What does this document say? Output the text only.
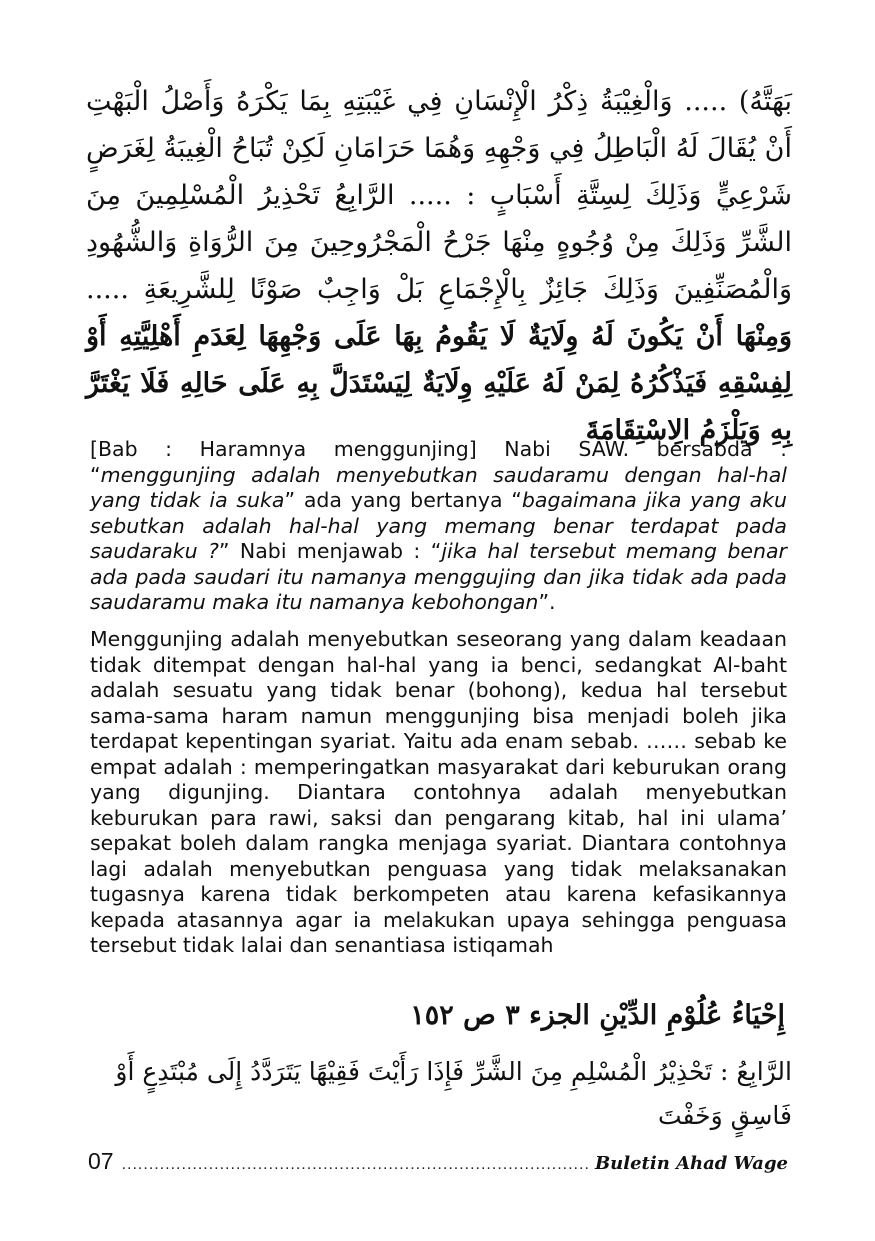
بَهَتَّهُ) ..... وَالْغِيْبَةُ ذِكْرُ الْإِنْسَانِ فِي غَيْبَتِهِ بِمَا يَكْرَهُ وَأَصْلُ الْبَهْتِ أَنْ يُقَالَ لَهُ الْبَاطِلُ فِي وَجْهِهِ وَهُمَا حَرَامَانِ لَكِنْ تُبَاحُ الْغِيبَةُ لِغَرَضٍ شَرْعِيٍّ وَذَلِكَ لِسِتَّةِ أَسْبَابٍ : ..... الرَّابِعُ تَحْذِيرُ الْمُسْلِمِينَ مِنَ الشَّرِّ وَذَلِكَ مِنْ وُجُوهٍ مِنْهَا جَرْحُ الْمَجْرُوحِينَ مِنَ الرُّوَاةِ وَالشُّهُودِ وَالْمُصَنِّفِينَ وَذَلِكَ جَائِزٌ بِالْإِجْمَاعِ بَلْ وَاجِبٌ صَوْنًا لِلشَّرِيعَةِ ..... وَمِنْهَا أَنْ يَكُونَ لَهُ وِلَايَةٌ لَا يَقُومُ بِهَا عَلَى وَجْهِهَا لِعَدَمِ أَهْلِيَّتِهِ أَوْ لِفِسْقِهِ فَيَذْكُرُهُ لِمَنْ لَهُ عَلَيْهِ وِلَايَةٌ لِيَسْتَدَلَّ بِهِ عَلَى حَالِهِ فَلَا يَغْتَرَّ بِهِ وَيَلْزَمُ الِاسْتِقَامَةَ
[Bab : Haramnya menggunjing] Nabi SAW. bersabda : “menggunjing adalah menyebutkan saudaramu dengan hal-hal yang tidak ia suka” ada yang bertanya “bagaimana jika yang aku sebutkan adalah hal-hal yang memang benar terdapat pada saudaraku ?” Nabi menjawab : “jika hal tersebut memang benar ada pada saudari itu namanya menggujing dan jika tidak ada pada saudaramu maka itu namanya kebohongan”.
Menggunjing adalah menyebutkan seseorang yang dalam keadaan tidak ditempat dengan hal-hal yang ia benci, sedangkat Al-baht adalah sesuatu yang tidak benar (bohong), kedua hal tersebut sama-sama haram namun menggunjing bisa menjadi boleh jika terdapat kepentingan syariat. Yaitu ada enam sebab. …… sebab ke empat adalah : memperingatkan masyarakat dari keburukan orang yang digunjing. Diantara contohnya adalah menyebutkan keburukan para rawi, saksi dan pengarang kitab, hal ini ulama’ sepakat boleh dalam rangka menjaga syariat. Diantara contohnya lagi adalah menyebutkan penguasa yang tidak melaksanakan tugasnya karena tidak berkompeten atau karena kefasikannya kepada atasannya agar ia melakukan upaya sehingga penguasa tersebut tidak lalai dan senantiasa istiqamah
إِحْيَاءُ عُلُوْمِ الدِّيْنِ الجزء ٣ ص ١٥٢
الرَّابِعُ : تَحْذِيْرُ الْمُسْلِمِ مِنَ الشَّرِّ فَإِذَا رَأَيْتَ فَقِيْهًا يَتَرَدَّدُ إِلَى مُبْتَدِعٍ أَوْ فَاسِقٍ وَخَفْتَ
07
.....	Buletin Ahad Wage
